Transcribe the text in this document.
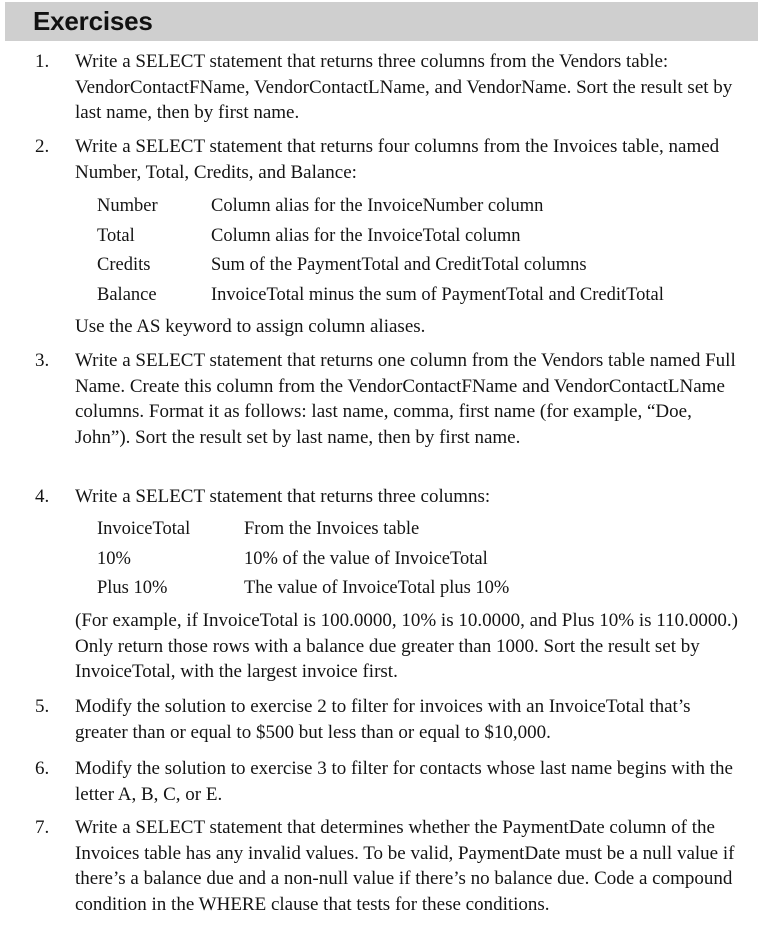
Exercises
1. Write a SELECT statement that returns three columns from the Vendors table: VendorContactFName, VendorContactLName, and VendorName. Sort the result set by last name, then by first name.

2. Write a SELECT statement that returns four columns from the Invoices table, named Number, Total, Credits, and Balance:

Number	Column alias for the InvoiceNumber column
Total	Column alias for the InvoiceTotal column
Credits	Sum of the PaymentTotal and CreditTotal columns
Balance	InvoiceTotal minus the sum of PaymentTotal and CreditTotal

Use the AS keyword to assign column aliases.

3. Write a SELECT statement that returns one column from the Vendors table named Full Name. Create this column from the VendorContactFName and VendorContactLName columns. Format it as follows: last name, comma, first name (for example, “Doe, John”). Sort the result set by last name, then by first name.

4. Write a SELECT statement that returns three columns:

InvoiceTotal	From the Invoices table
10%	10% of the value of InvoiceTotal
Plus 10%	The value of InvoiceTotal plus 10%

(For example, if InvoiceTotal is 100.0000, 10% is 10.0000, and Plus 10% is 110.0000.) Only return those rows with a balance due greater than 1000. Sort the result set by InvoiceTotal, with the largest invoice first.

5. Modify the solution to exercise 2 to filter for invoices with an InvoiceTotal that’s greater than or equal to $500 but less than or equal to $10,000.

6. Modify the solution to exercise 3 to filter for contacts whose last name begins with the letter A, B, C, or E.

7. Write a SELECT statement that determines whether the PaymentDate column of the Invoices table has any invalid values. To be valid, PaymentDate must be a null value if there’s a balance due and a non-null value if there’s no balance due. Code a compound condition in the WHERE clause that tests for these conditions.
